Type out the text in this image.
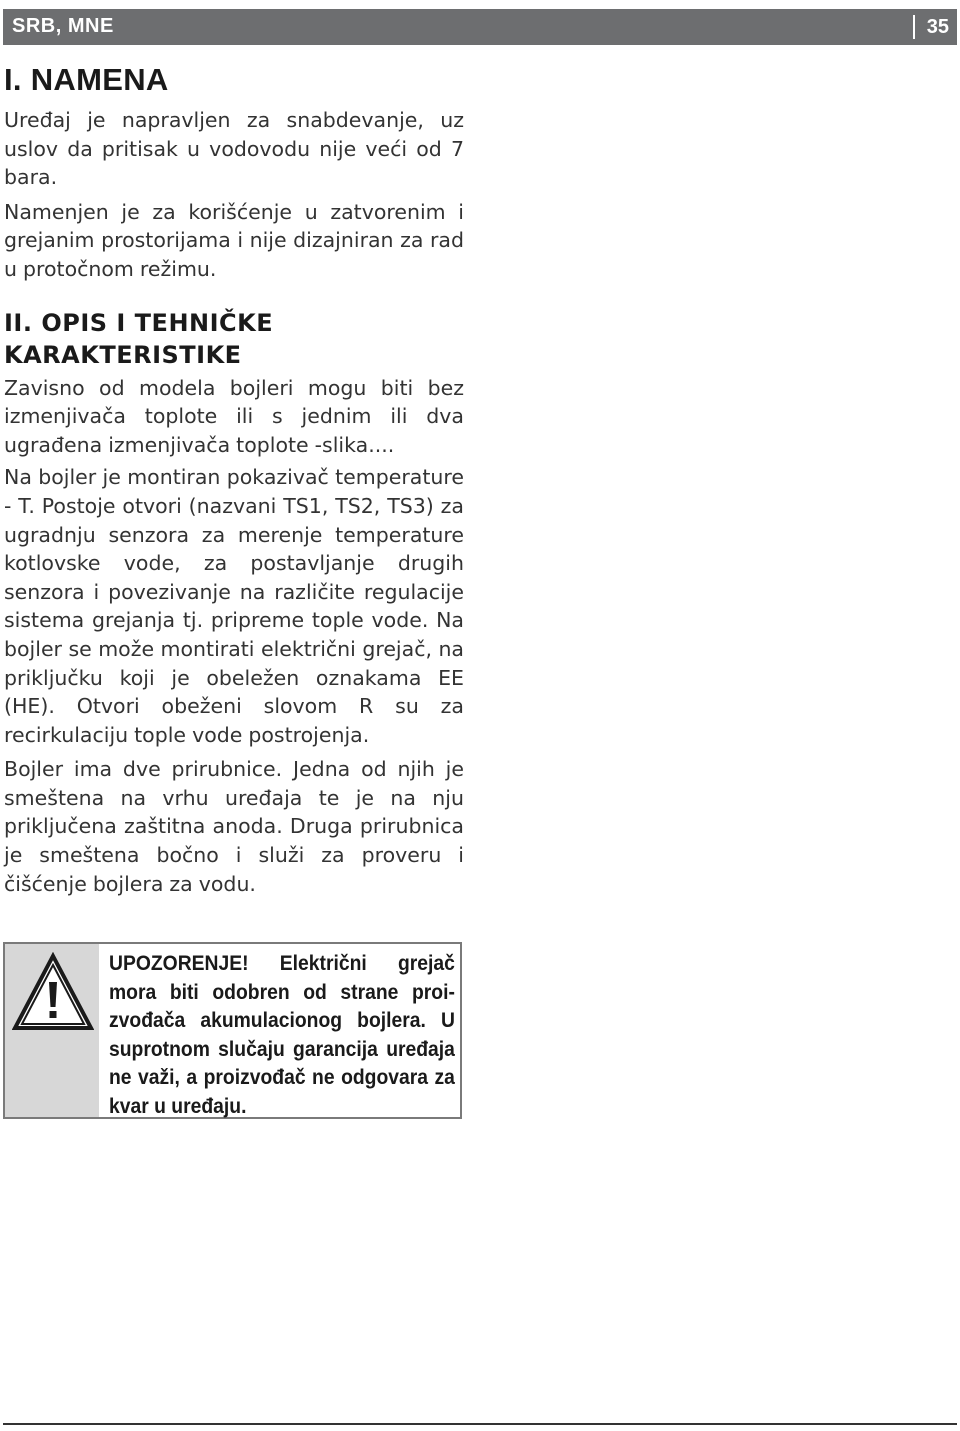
SRB, MNE	35
I. NAMENA

Uređaj je napravljen za snabdevanje, uz uslov da pritisak u vodovodu nije veći od 7 bara.

Namenjen je za korišćenje u zatvorenim i grejanim prostorijama i nije dizajniran za rad u protočnom režimu.

II. OPIS I TEHNIČKE
KARAKTERISTIKE

Zavisno od modela bojleri mogu biti bez izmenjivača toplote ili s jednim ili dva ugrađena izmenjivača toplote -slika....

Na bojler je montiran pokazivač temperature - T. Postoje otvori (nazvani TS1, TS2, TS3) za ugradnju senzora za merenje temperature kotlovske vode, za postavljanje drugih senzora i povezivanje na različite regulacije sistema grejanja tj. pripreme tople vode. Na bojler se može montirati električni grejač, na priključku koji je obeležen oznakama EE (HE). Otvori obeženi slovom R su za recirkulaciju tople vode postrojenja.

Bojler ima dve prirubnice. Jedna od njih je smeštena na vrhu uređaja te je na nju priključena zaštitna anoda. Druga prirubnica je smeštena bočno i služi za proveru i čišćenje bojlera za vodu.

UPOZORENJE! Električni grejač mora biti odobren od strane proizvođača akumulacionog bojlera. U suprotnom slučaju garancija uređaja ne važi, a proizvođač ne odgovara za kvar u uređaju.
